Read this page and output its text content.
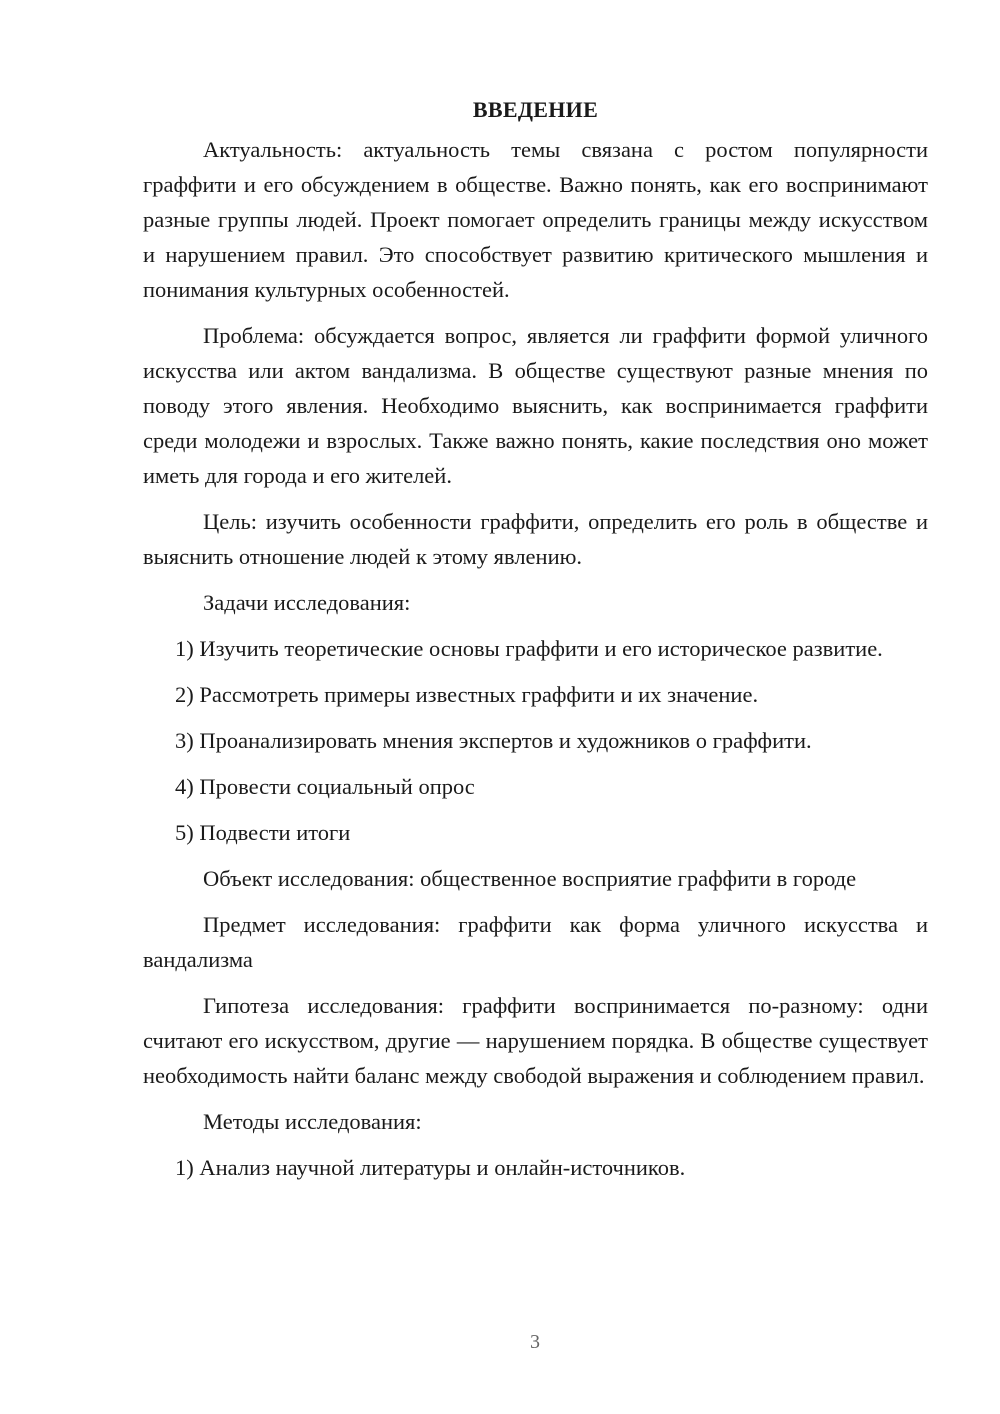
ВВЕДЕНИЕ

Актуальность: актуальность темы связана с ростом популярности граффити и его обсуждением в обществе. Важно понять, как его воспринимают разные группы людей. Проект помогает определить границы между искусством и нарушением правил. Это способствует развитию критического мышления и понимания культурных особенностей.

Проблема: обсуждается вопрос, является ли граффити формой уличного искусства или актом вандализма. В обществе существуют разные мнения по поводу этого явления. Необходимо выяснить, как воспринимается граффити среди молодежи и взрослых. Также важно понять, какие последствия оно может иметь для города и его жителей.

Цель: изучить особенности граффити, определить его роль в обществе и выяснить отношение людей к этому явлению.

Задачи исследования:

1) Изучить теоретические основы граффити и его историческое развитие.

2) Рассмотреть примеры известных граффити и их значение.

3) Проанализировать мнения экспертов и художников о граффити.

4) Провести социальный опрос

5) Подвести итоги

Объект исследования: общественное восприятие граффити в городе

Предмет исследования: граффити как форма уличного искусства и вандализма

Гипотеза исследования: граффити воспринимается по-разному: одни считают его искусством, другие — нарушением порядка. В обществе существует необходимость найти баланс между свободой выражения и соблюдением правил.

Методы исследования:

1) Анализ научной литературы и онлайн-источников.

3
